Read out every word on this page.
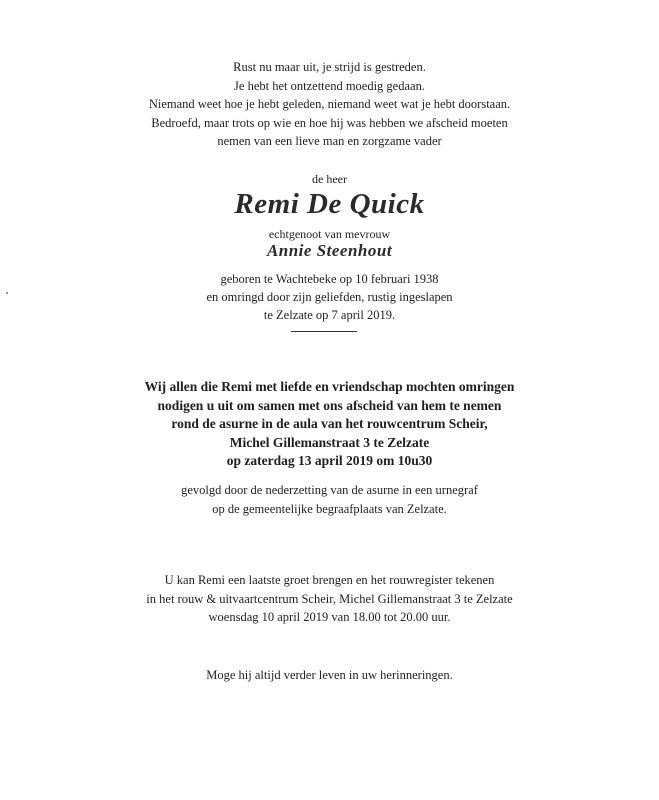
Rust nu maar uit, je strijd is gestreden.
Je hebt het ontzettend moedig gedaan.
Niemand weet hoe je hebt geleden, niemand weet wat je hebt doorstaan.
Bedroefd, maar trots op wie en hoe hij was hebben we afscheid moeten
nemen van een lieve man en zorgzame vader
de heer
Remi De Quick
echtgenoot van mevrouw
Annie Steenhout
geboren te Wachtebeke op 10 februari 1938
en omringd door zijn geliefden, rustig ingeslapen
te Zelzate op 7 april 2019.
Wij allen die Remi met liefde en vriendschap mochten omringen
nodigen u uit om samen met ons afscheid van hem te nemen
rond de asurne in de aula van het rouwcentrum Scheir,
Michel Gillemanstraat 3 te Zelzate
op zaterdag 13 april 2019 om 10u30
gevolgd door de nederzetting van de asurne in een urnegraf
op de gemeentelijke begraafplaats van Zelzate.
U kan Remi een laatste groet brengen en het rouwregister tekenen
in het rouw & uitvaartcentrum Scheir, Michel Gillemanstraat 3 te Zelzate
woensdag 10 april 2019 van 18.00 tot 20.00 uur.
Moge hij altijd verder leven in uw herinneringen.
